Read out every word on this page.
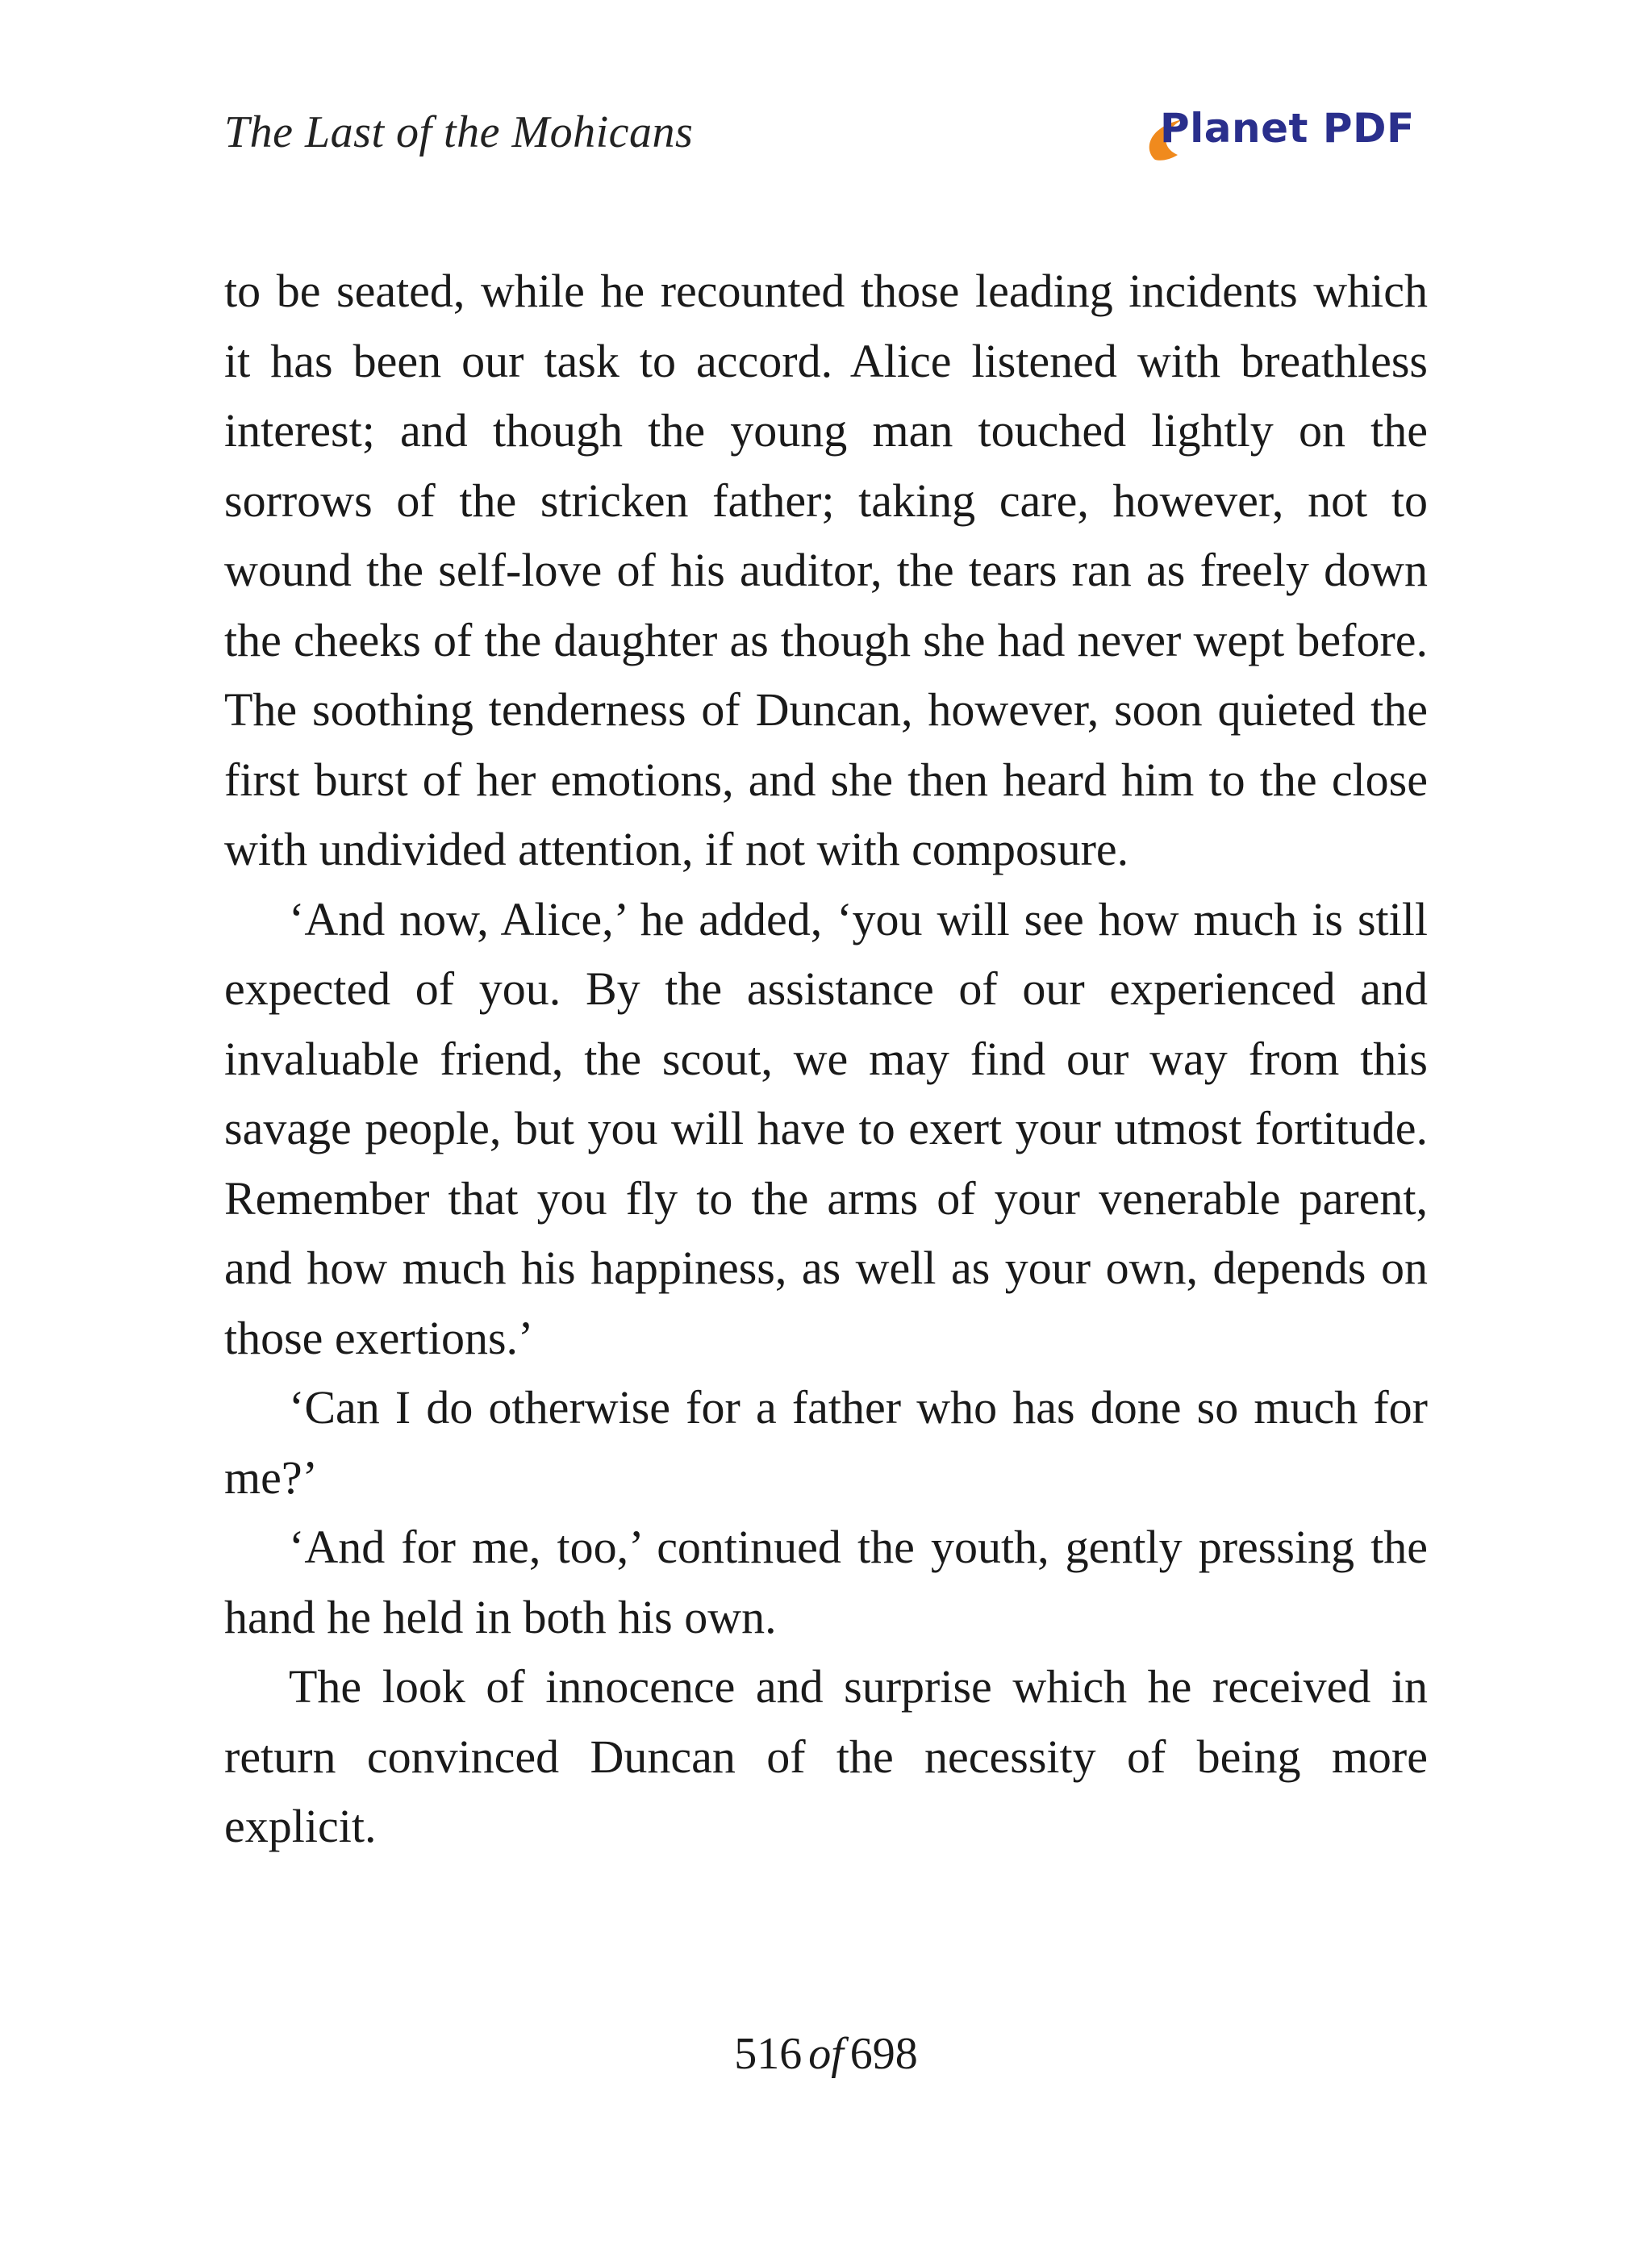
The Last of the Mohicans	Planet PDF

to be seated, while he recounted those leading incidents which it has been our task to accord. Alice listened with breathless interest; and though the young man touched lightly on the sorrows of the stricken father; taking care, however, not to wound the self-love of his auditor, the tears ran as freely down the cheeks of the daughter as though she had never wept before. The soothing tenderness of Duncan, however, soon quieted the first burst of her emotions, and she then heard him to the close with undivided attention, if not with composure.

‘And now, Alice,’ he added, ‘you will see how much is still expected of you. By the assistance of our experienced and invaluable friend, the scout, we may find our way from this savage people, but you will have to exert your utmost fortitude. Remember that you fly to the arms of your venerable parent, and how much his happiness, as well as your own, depends on those exertions.’

‘Can I do otherwise for a father who has done so much for me?’

‘And for me, too,’ continued the youth, gently pressing the hand he held in both his own.

The look of innocence and surprise which he received in return convinced Duncan of the necessity of being more explicit.

516 of 698
